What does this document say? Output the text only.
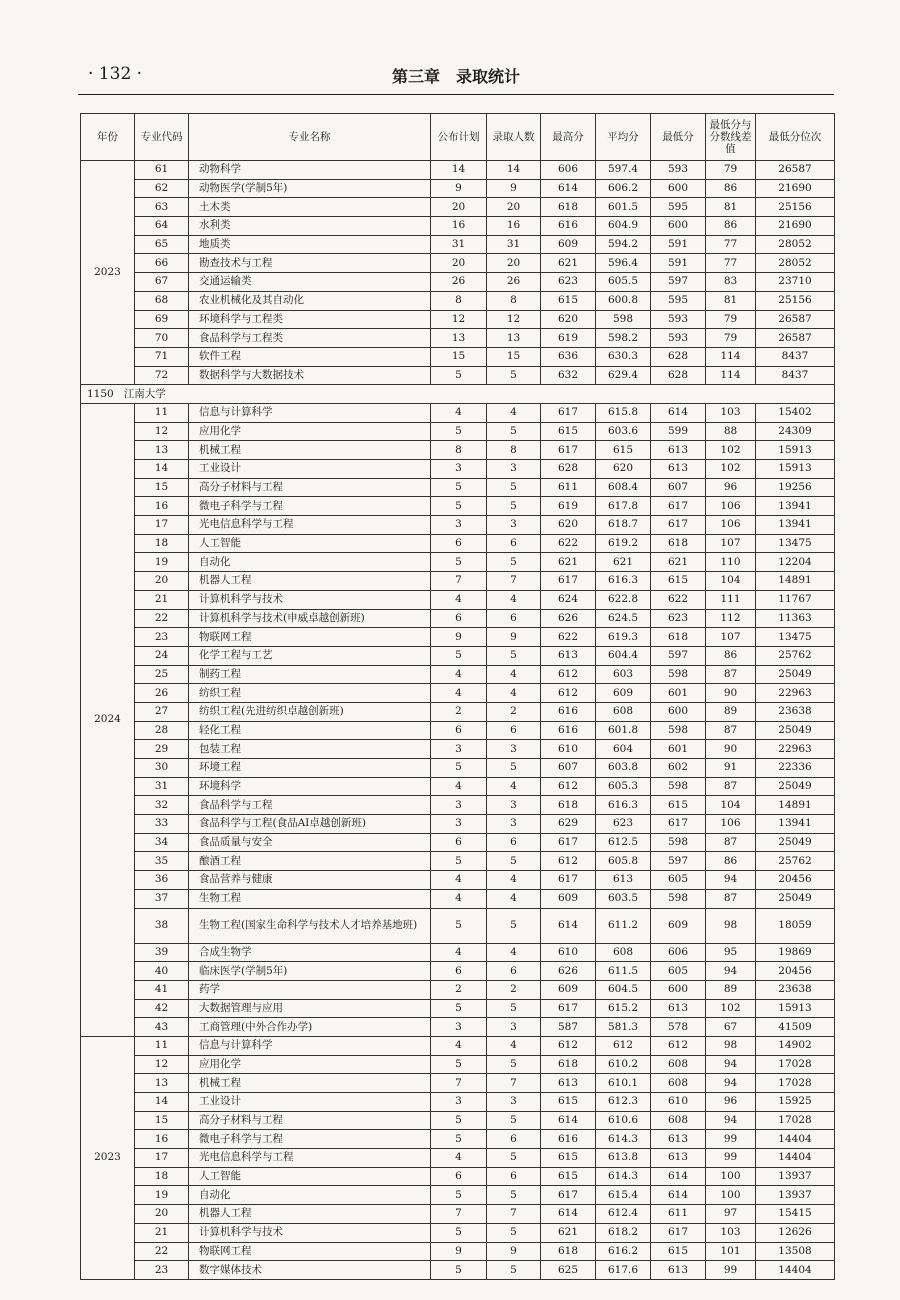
· 132 ·	第三章　录取统计
年份	专业代码	专业名称	公布计划	录取人数	最高分	平均分	最低分	最低分与分数线差值	最低分位次
2023	61	动物科学	14	14	606	597.4	593	79	26587
	62	动物医学(学制5年)	9	9	614	606.2	600	86	21690
	63	土木类	20	20	618	601.5	595	81	25156
	64	水利类	16	16	616	604.9	600	86	21690
	65	地质类	31	31	609	594.2	591	77	28052
	66	勘查技术与工程	20	20	621	596.4	591	77	28052
	67	交通运输类	26	26	623	605.5	597	83	23710
	68	农业机械化及其自动化	8	8	615	600.8	595	81	25156
	69	环境科学与工程类	12	12	620	598	593	79	26587
	70	食品科学与工程类	13	13	619	598.2	593	79	26587
	71	软件工程	15	15	636	630.3	628	114	8437
	72	数据科学与大数据技术	5	5	632	629.4	628	114	8437
1150 江南大学									
2024	11	信息与计算科学	4	4	617	615.8	614	103	15402
	12	应用化学	5	5	615	603.6	599	88	24309
	13	机械工程	8	8	617	615	613	102	15913
	14	工业设计	3	3	628	620	613	102	15913
	15	高分子材料与工程	5	5	611	608.4	607	96	19256
	16	微电子科学与工程	5	5	619	617.8	617	106	13941
	17	光电信息科学与工程	3	3	620	618.7	617	106	13941
	18	人工智能	6	6	622	619.2	618	107	13475
	19	自动化	5	5	621	621	621	110	12204
	20	机器人工程	7	7	617	616.3	615	104	14891
	21	计算机科学与技术	4	4	624	622.8	622	111	11767
	22	计算机科学与技术(申威卓越创新班)	6	6	626	624.5	623	112	11363
	23	物联网工程	9	9	622	619.3	618	107	13475
	24	化学工程与工艺	5	5	613	604.4	597	86	25762
	25	制药工程	4	4	612	603	598	87	25049
	26	纺织工程	4	4	612	609	601	90	22963
	27	纺织工程(先进纺织卓越创新班)	2	2	616	608	600	89	23638
	28	轻化工程	6	6	616	601.8	598	87	25049
	29	包装工程	3	3	610	604	601	90	22963
	30	环境工程	5	5	607	603.8	602	91	22336
	31	环境科学	4	4	612	605.3	598	87	25049
	32	食品科学与工程	3	3	618	616.3	615	104	14891
	33	食品科学与工程(食品AI卓越创新班)	3	3	629	623	617	106	13941
	34	食品质量与安全	6	6	617	612.5	598	87	25049
	35	酿酒工程	5	5	612	605.8	597	86	25762
	36	食品营养与健康	4	4	617	613	605	94	20456
	37	生物工程	4	4	609	603.5	598	87	25049
	38	生物工程(国家生命科学与技术人才培养基地班)	5	5	614	611.2	609	98	18059
	39	合成生物学	4	4	610	608	606	95	19869
	40	临床医学(学制5年)	6	6	626	611.5	605	94	20456
	41	药学	2	2	609	604.5	600	89	23638
	42	大数据管理与应用	5	5	617	615.2	613	102	15913
	43	工商管理(中外合作办学)	3	3	587	581.3	578	67	41509
2023	11	信息与计算科学	4	4	612	612	612	98	14902
	12	应用化学	5	5	618	610.2	608	94	17028
	13	机械工程	7	7	613	610.1	608	94	17028
	14	工业设计	3	3	615	612.3	610	96	15925
	15	高分子材料与工程	5	5	614	610.6	608	94	17028
	16	微电子科学与工程	5	6	616	614.3	613	99	14404
	17	光电信息科学与工程	4	5	615	613.8	613	99	14404
	18	人工智能	6	6	615	614.3	614	100	13937
	19	自动化	5	5	617	615.4	614	100	13937
	20	机器人工程	7	7	614	612.4	611	97	15415
	21	计算机科学与技术	5	5	621	618.2	617	103	12626
	22	物联网工程	9	9	618	616.2	615	101	13508
	23	数字媒体技术	5	5	625	617.6	613	99	14404
